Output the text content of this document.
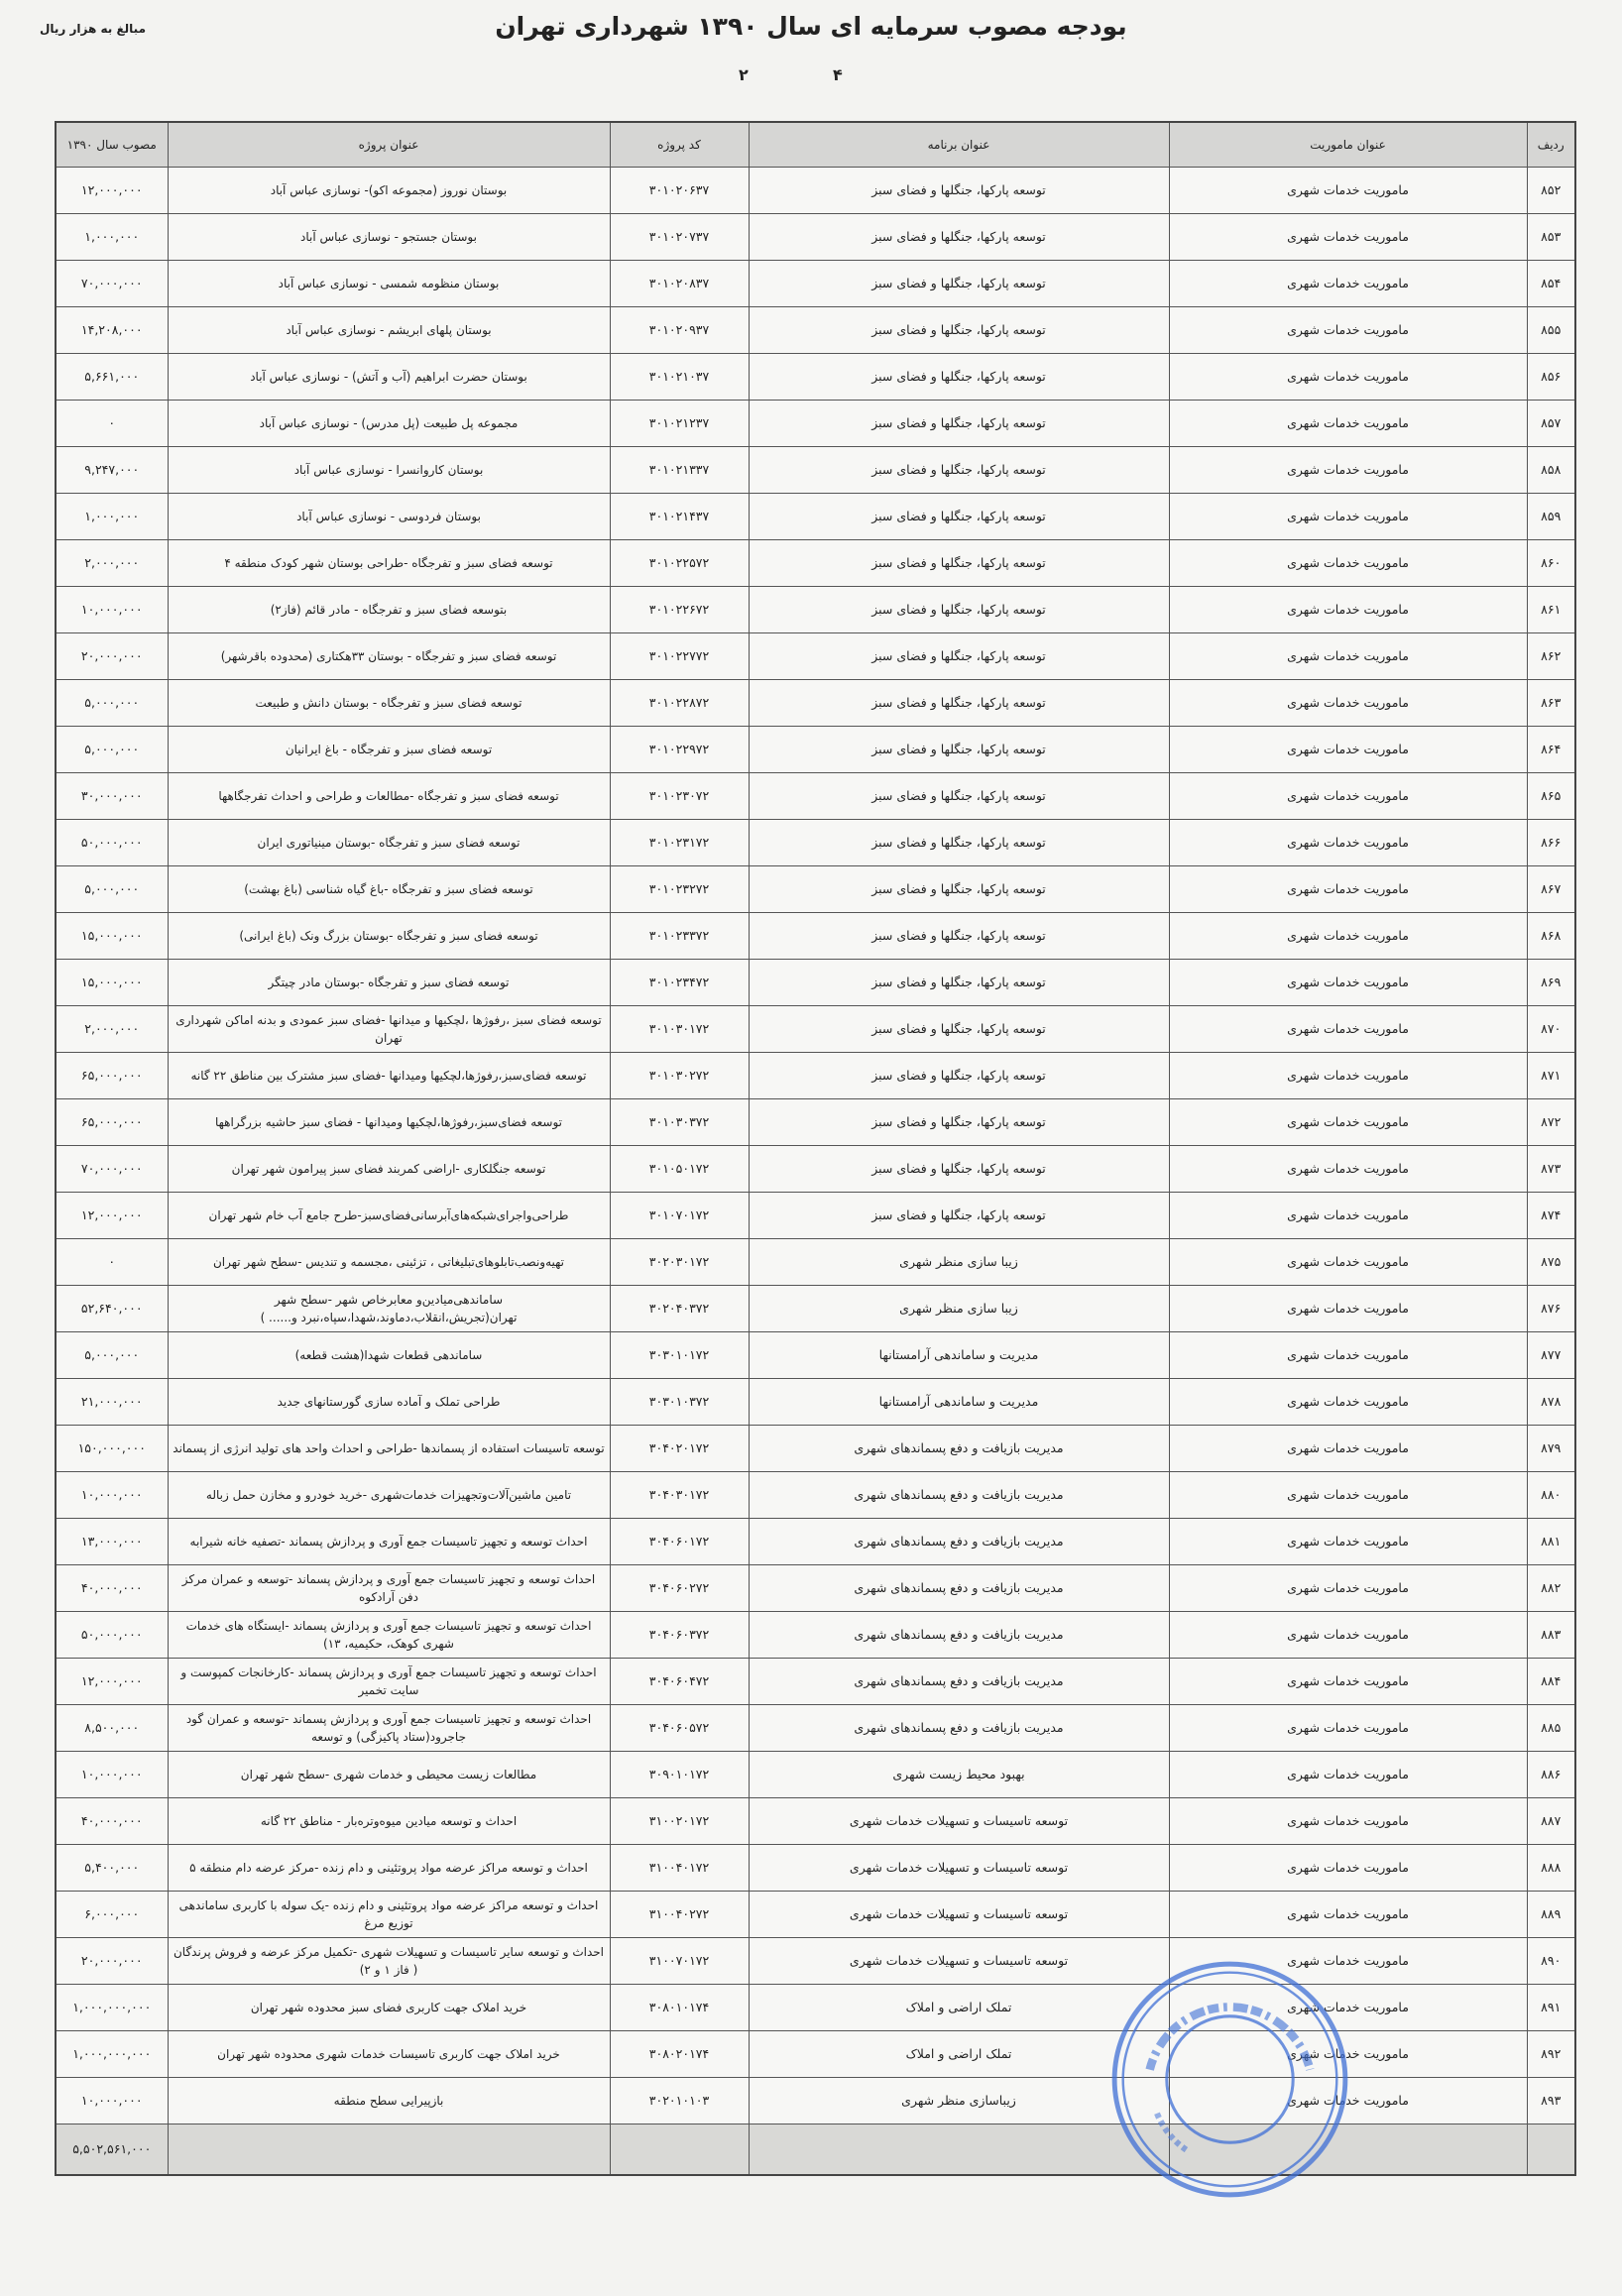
بودجه مصوب سرمایه ای سال ۱۳۹۰ شهرداری تهران
مبالغ به هزار ریال
۲	۴
ردیف	عنوان ماموریت	عنوان برنامه	کد پروژه	عنوان پروژه	مصوب سال ۱۳۹۰
۸۵۲	ماموریت خدمات شهری	توسعه پارکها، جنگلها و فضای سبز	۳۰۱۰۲۰۶۳۷	بوستان نوروز (مجموعه اکو)- نوسازی عباس آباد	۱۲,۰۰۰,۰۰۰
۸۵۳	ماموریت خدمات شهری	توسعه پارکها، جنگلها و فضای سبز	۳۰۱۰۲۰۷۳۷	بوستان جستجو - نوسازی عباس آباد	۱,۰۰۰,۰۰۰
۸۵۴	ماموریت خدمات شهری	توسعه پارکها، جنگلها و فضای سبز	۳۰۱۰۲۰۸۳۷	بوستان منظومه شمسی - نوسازی عباس آباد	۷۰,۰۰۰,۰۰۰
۸۵۵	ماموریت خدمات شهری	توسعه پارکها، جنگلها و فضای سبز	۳۰۱۰۲۰۹۳۷	بوستان پلهای ابریشم - نوسازی عباس آباد	۱۴,۲۰۸,۰۰۰
۸۵۶	ماموریت خدمات شهری	توسعه پارکها، جنگلها و فضای سبز	۳۰۱۰۲۱۰۳۷	بوستان حضرت ابراهیم (آب و آتش) - نوسازی عباس آباد	۵,۶۶۱,۰۰۰
۸۵۷	ماموریت خدمات شهری	توسعه پارکها، جنگلها و فضای سبز	۳۰۱۰۲۱۲۳۷	مجموعه پل طبیعت (پل مدرس) - نوسازی عباس آباد	۰
۸۵۸	ماموریت خدمات شهری	توسعه پارکها، جنگلها و فضای سبز	۳۰۱۰۲۱۳۳۷	بوستان کاروانسرا - نوسازی عباس آباد	۹,۲۴۷,۰۰۰
۸۵۹	ماموریت خدمات شهری	توسعه پارکها، جنگلها و فضای سبز	۳۰۱۰۲۱۴۳۷	بوستان فردوسی - نوسازی عباس آباد	۱,۰۰۰,۰۰۰
۸۶۰	ماموریت خدمات شهری	توسعه پارکها، جنگلها و فضای سبز	۳۰۱۰۲۲۵۷۲	توسعه فضای سبز و تفرجگاه -طراحی بوستان شهر کودک منطقه ۴	۲,۰۰۰,۰۰۰
۸۶۱	ماموریت خدمات شهری	توسعه پارکها، جنگلها و فضای سبز	۳۰۱۰۲۲۶۷۲	بتوسعه فضای سبز و تفرجگاه - مادر قائم (فاز۲)	۱۰,۰۰۰,۰۰۰
۸۶۲	ماموریت خدمات شهری	توسعه پارکها، جنگلها و فضای سبز	۳۰۱۰۲۲۷۷۲	توسعه فضای سبز و تفرجگاه - بوستان ۳۳هکتاری (محدوده باقرشهر)	۲۰,۰۰۰,۰۰۰
۸۶۳	ماموریت خدمات شهری	توسعه پارکها، جنگلها و فضای سبز	۳۰۱۰۲۲۸۷۲	توسعه فضای سبز و تفرجگاه - بوستان دانش و طبیعت	۵,۰۰۰,۰۰۰
۸۶۴	ماموریت خدمات شهری	توسعه پارکها، جنگلها و فضای سبز	۳۰۱۰۲۲۹۷۲	توسعه فضای سبز و تفرجگاه - باغ ایرانیان	۵,۰۰۰,۰۰۰
۸۶۵	ماموریت خدمات شهری	توسعه پارکها، جنگلها و فضای سبز	۳۰۱۰۲۳۰۷۲	توسعه فضای سبز و تفرجگاه -مطالعات و طراحی و احداث تفرجگاهها	۳۰,۰۰۰,۰۰۰
۸۶۶	ماموریت خدمات شهری	توسعه پارکها، جنگلها و فضای سبز	۳۰۱۰۲۳۱۷۲	توسعه فضای سبز و تفرجگاه -بوستان مینیاتوری ایران	۵۰,۰۰۰,۰۰۰
۸۶۷	ماموریت خدمات شهری	توسعه پارکها، جنگلها و فضای سبز	۳۰۱۰۲۳۲۷۲	توسعه فضای سبز و تفرجگاه -باغ گیاه شناسی (باغ بهشت)	۵,۰۰۰,۰۰۰
۸۶۸	ماموریت خدمات شهری	توسعه پارکها، جنگلها و فضای سبز	۳۰۱۰۲۳۳۷۲	توسعه فضای سبز و تفرجگاه -بوستان بزرگ ونک (باغ ایرانی)	۱۵,۰۰۰,۰۰۰
۸۶۹	ماموریت خدمات شهری	توسعه پارکها، جنگلها و فضای سبز	۳۰۱۰۲۳۴۷۲	توسعه فضای سبز و تفرجگاه -بوستان مادر چیتگر	۱۵,۰۰۰,۰۰۰
۸۷۰	ماموریت خدمات شهری	توسعه پارکها، جنگلها و فضای سبز	۳۰۱۰۳۰۱۷۲	توسعه فضای سبز ،رفوژها ،لچکیها و میدانها -فضای سبز عمودی و بدنه اماکن شهرداری تهران	۲,۰۰۰,۰۰۰
۸۷۱	ماموریت خدمات شهری	توسعه پارکها، جنگلها و فضای سبز	۳۰۱۰۳۰۲۷۲	توسعه فضای‌سبز،رفوژها،لچکیها ومیدانها -فضای سبز مشترک بین مناطق ۲۲ گانه	۶۵,۰۰۰,۰۰۰
۸۷۲	ماموریت خدمات شهری	توسعه پارکها، جنگلها و فضای سبز	۳۰۱۰۳۰۳۷۲	توسعه فضای‌سبز،رفوژها،لچکیها ومیدانها - فضای سبز حاشیه بزرگراهها	۶۵,۰۰۰,۰۰۰
۸۷۳	ماموریت خدمات شهری	توسعه پارکها، جنگلها و فضای سبز	۳۰۱۰۵۰۱۷۲	توسعه جنگلکاری -اراضی کمربند فضای سبز پیرامون شهر تهران	۷۰,۰۰۰,۰۰۰
۸۷۴	ماموریت خدمات شهری	توسعه پارکها، جنگلها و فضای سبز	۳۰۱۰۷۰۱۷۲	طراحی‌واجرای‌شبکه‌های‌آبرسانی‌فضای‌سبز-طرح جامع آب خام شهر تهران	۱۲,۰۰۰,۰۰۰
۸۷۵	ماموریت خدمات شهری	زیبا سازی منظر شهری	۳۰۲۰۳۰۱۷۲	تهیه‌ونصب‌تابلوهای‌تبلیغاتی ، تزئینی ،مجسمه و تندیس -سطح شهر تهران	۰
۸۷۶	ماموریت خدمات شهری	زیبا سازی منظر شهری	۳۰۲۰۴۰۳۷۲	ساماندهی‌میادین‌و معابرخاص شهر -سطح شهر تهران(تجریش،انقلاب،دماوند،شهدا،سپاه،نبرد و...... )	۵۲,۶۴۰,۰۰۰
۸۷۷	ماموریت خدمات شهری	مدیریت و ساماندهی آرامستانها	۳۰۳۰۱۰۱۷۲	ساماندهی قطعات شهدا(هشت قطعه)	۵,۰۰۰,۰۰۰
۸۷۸	ماموریت خدمات شهری	مدیریت و ساماندهی آرامستانها	۳۰۳۰۱۰۳۷۲	طراحی تملک و آماده سازی گورستانهای جدید	۲۱,۰۰۰,۰۰۰
۸۷۹	ماموریت خدمات شهری	مدیریت بازیافت و دفع پسماندهای شهری	۳۰۴۰۲۰۱۷۲	توسعه تاسیسات استفاده از پسماندها -طراحی و احداث واحد های تولید انرژی از پسماند	۱۵۰,۰۰۰,۰۰۰
۸۸۰	ماموریت خدمات شهری	مدیریت بازیافت و دفع پسماندهای شهری	۳۰۴۰۳۰۱۷۲	تامین ماشین‌آلات‌وتجهیزات خدمات‌شهری -خرید خودرو و مخازن حمل زباله	۱۰,۰۰۰,۰۰۰
۸۸۱	ماموریت خدمات شهری	مدیریت بازیافت و دفع پسماندهای شهری	۳۰۴۰۶۰۱۷۲	احداث توسعه و تجهیز تاسیسات جمع آوری و پردازش پسماند -تصفیه خانه شیرابه	۱۳,۰۰۰,۰۰۰
۸۸۲	ماموریت خدمات شهری	مدیریت بازیافت و دفع پسماندهای شهری	۳۰۴۰۶۰۲۷۲	احداث توسعه و تجهیز تاسیسات جمع آوری و پردازش پسماند -توسعه و عمران مرکز دفن آرادکوه	۴۰,۰۰۰,۰۰۰
۸۸۳	ماموریت خدمات شهری	مدیریت بازیافت و دفع پسماندهای شهری	۳۰۴۰۶۰۳۷۲	احداث توسعه و تجهیز تاسیسات جمع آوری و پردازش پسماند -ایستگاه های خدمات شهری کوهک، حکیمیه، ۱۳)	۵۰,۰۰۰,۰۰۰
۸۸۴	ماموریت خدمات شهری	مدیریت بازیافت و دفع پسماندهای شهری	۳۰۴۰۶۰۴۷۲	احداث توسعه و تجهیز تاسیسات جمع آوری و پردازش پسماند -کارخانجات کمپوست و سایت تخمیر	۱۲,۰۰۰,۰۰۰
۸۸۵	ماموریت خدمات شهری	مدیریت بازیافت و دفع پسماندهای شهری	۳۰۴۰۶۰۵۷۲	احداث توسعه و تجهیز تاسیسات جمع آوری و پردازش پسماند -توسعه و عمران گود جاجرود(ستاد پاکیزگی) و توسعه	۸,۵۰۰,۰۰۰
۸۸۶	ماموریت خدمات شهری	بهبود محیط زیست شهری	۳۰۹۰۱۰۱۷۲	مطالعات زیست محیطی و خدمات شهری -سطح شهر تهران	۱۰,۰۰۰,۰۰۰
۸۸۷	ماموریت خدمات شهری	توسعه تاسیسات و تسهیلات خدمات شهری	۳۱۰۰۲۰۱۷۲	احداث و توسعه میادین میوه‌وتره‌بار - مناطق ۲۲ گانه	۴۰,۰۰۰,۰۰۰
۸۸۸	ماموریت خدمات شهری	توسعه تاسیسات و تسهیلات خدمات شهری	۳۱۰۰۴۰۱۷۲	احداث و توسعه مراکز عرضه مواد پروتئینی و دام زنده -مرکز عرضه دام منطقه ۵	۵,۴۰۰,۰۰۰
۸۸۹	ماموریت خدمات شهری	توسعه تاسیسات و تسهیلات خدمات شهری	۳۱۰۰۴۰۲۷۲	احداث و توسعه مراکز عرضه مواد پروتئینی و دام زنده -یک سوله با کاربری ساماندهی توزیع مرغ	۶,۰۰۰,۰۰۰
۸۹۰	ماموریت خدمات شهری	توسعه تاسیسات و تسهیلات خدمات شهری	۳۱۰۰۷۰۱۷۲	احداث و توسعه سایر تاسیسات و تسهیلات شهری -تکمیل مرکز عرضه و فروش پرندگان ( فاز ۱ و ۲)	۲۰,۰۰۰,۰۰۰
۸۹۱	ماموریت خدمات شهری	تملک اراضی و املاک	۳۰۸۰۱۰۱۷۴	خرید املاک جهت کاربری فضای سبز محدوده شهر تهران	۱,۰۰۰,۰۰۰,۰۰۰
۸۹۲	ماموریت خدمات شهری	تملک اراضی و املاک	۳۰۸۰۲۰۱۷۴	خرید املاک جهت کاربری تاسیسات خدمات شهری محدوده شهر تهران	۱,۰۰۰,۰۰۰,۰۰۰
۸۹۳	ماموریت خدمات شهری	زیباسازی منظر شهری	۳۰۲۰۱۰۱۰۳	بازپیرایی سطح منطقه	۱۰,۰۰۰,۰۰۰
					۵,۵۰۲,۵۶۱,۰۰۰
